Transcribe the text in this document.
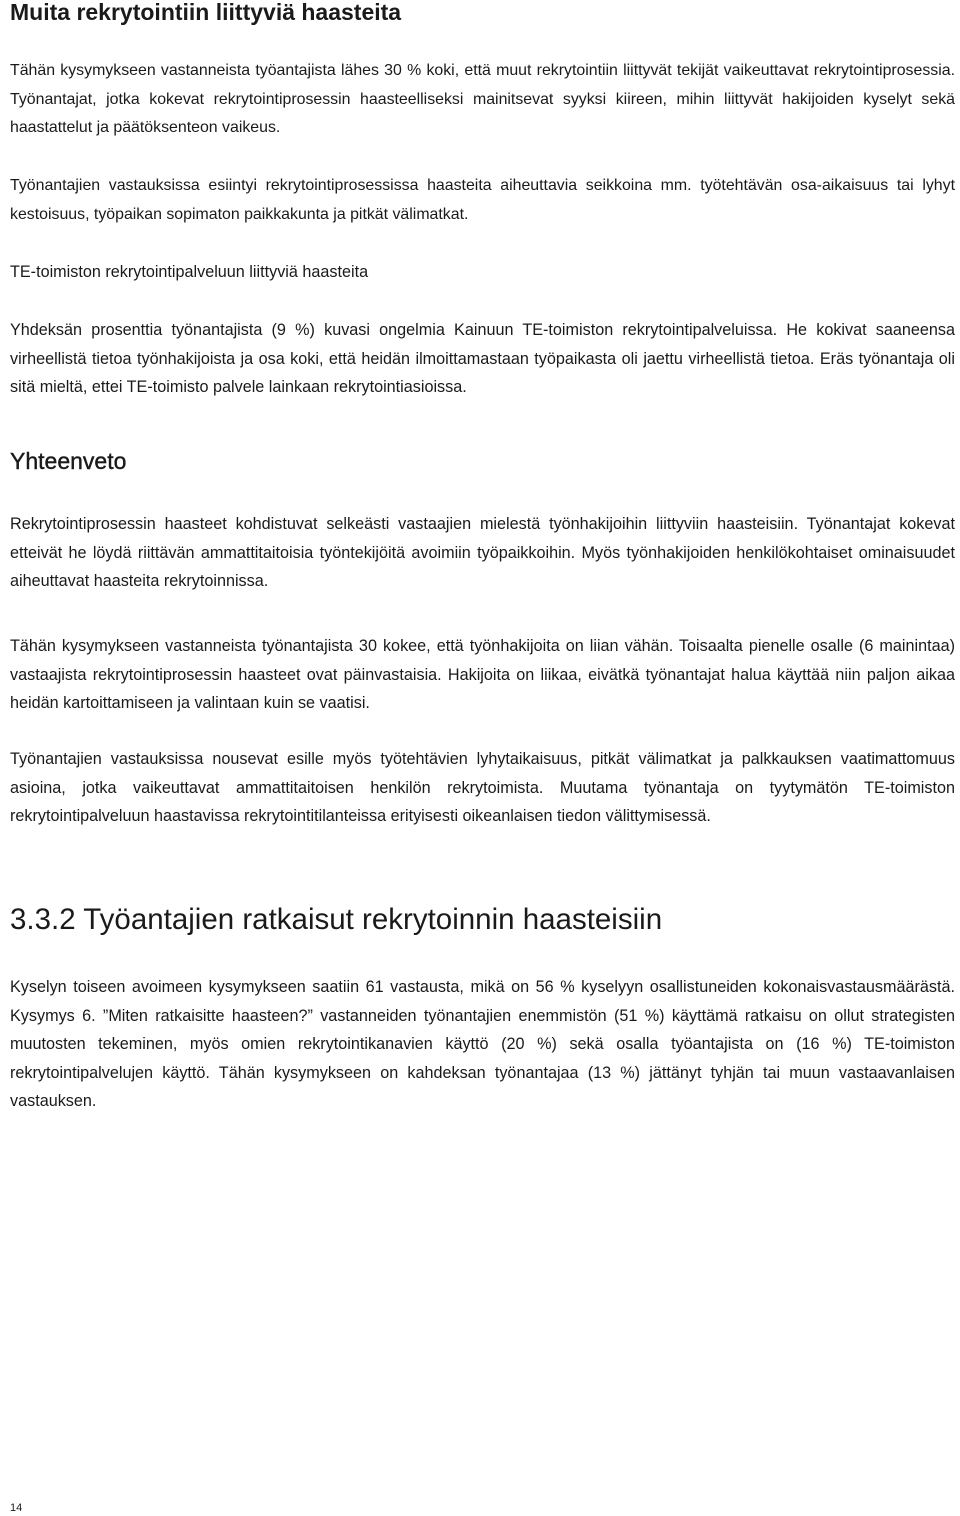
Muita rekrytointiin liittyviä haasteita

Tähän kysymykseen vastanneista työantajista lähes 30 % koki, että muut rekrytointiin liittyvät tekijät vaikeuttavat rekrytointiprosessia. Työnantajat, jotka kokevat rekrytointiprosessin haasteelliseksi mainitsevat syyksi kiireen, mihin liittyvät hakijoiden kyselyt sekä haastattelut ja päätöksenteon vaikeus.

Työnantajien vastauksissa esiintyi rekrytointiprosessissa haasteita aiheuttavia seikkoina mm. työtehtävän osa-aikaisuus tai lyhyt kestoisuus, työpaikan sopimaton paikkakunta ja pitkät välimatkat.

TE-toimiston rekrytointipalveluun liittyviä haasteita

Yhdeksän prosenttia työnantajista (9 %) kuvasi ongelmia Kainuun TE-toimiston rekrytointipalveluissa. He kokivat saaneensa virheellistä tietoa työnhakijoista ja osa koki, että heidän ilmoittamastaan työpaikasta oli jaettu virheellistä tietoa. Eräs työnantaja oli sitä mieltä, ettei TE-toimisto palvele lainkaan rekrytointiasioissa.

Yhteenveto

Rekrytointiprosessin haasteet kohdistuvat selkeästi vastaajien mielestä työnhakijoihin liittyviin haasteisiin. Työnantajat kokevat etteivät he löydä riittävän ammattitaitoisia työntekijöitä avoimiin työpaikkoihin. Myös työnhakijoiden henkilökohtaiset ominaisuudet aiheuttavat haasteita rekrytoinnissa.

Tähän kysymykseen vastanneista työnantajista 30 kokee, että työnhakijoita on liian vähän. Toisaalta pienelle osalle (6 mainintaa) vastaajista rekrytointiprosessin haasteet ovat päinvastaisia. Hakijoita on liikaa, eivätkä työnantajat halua käyttää niin paljon aikaa heidän kartoittamiseen ja valintaan kuin se vaatisi.

Työnantajien vastauksissa nousevat esille myös työtehtävien lyhytaikaisuus, pitkät välimatkat ja palkkauksen vaatimattomuus asioina, jotka vaikeuttavat ammattitaitoisen henkilön rekrytoimista. Muutama työnantaja on tyytymätön TE-toimiston rekrytointipalveluun haastavissa rekrytointitilanteissa erityisesti oikeanlaisen tiedon välittymisessä.

3.3.2 Työantajien ratkaisut rekrytoinnin haasteisiin

Kyselyn toiseen avoimeen kysymykseen saatiin 61 vastausta, mikä on 56 % kyselyyn osallistuneiden kokonaisvastausmäärästä. Kysymys 6. ”Miten ratkaisitte haasteen?” vastanneiden työnantajien enemmistön (51 %) käyttämä ratkaisu on ollut strategisten muutosten tekeminen, myös omien rekrytointikanavien käyttö (20 %) sekä osalla työantajista on (16 %) TE-toimiston rekrytointipalvelujen käyttö. Tähän kysymykseen on kahdeksan työnantajaa (13 %) jättänyt tyhjän tai muun vastaavanlaisen vastauksen.

14
